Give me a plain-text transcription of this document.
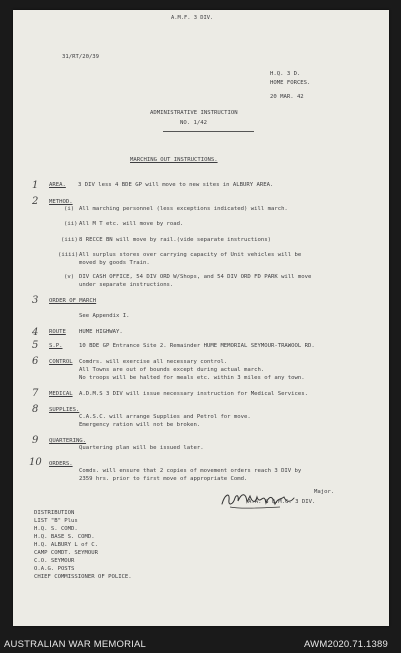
A.M.F. 3 DIV.
31/RT/20/39
H.Q. 3 D.
HOME FORCES.
20 MAR. 42
ADMINISTRATIVE INSTRUCTION
NO. 1/42
MARCHING OUT INSTRUCTIONS.
1 AREA. 3 DIV less 4 BDE GP will move to new sites in ALBURY AREA.
2 METHOD.
(i) All marching personnel (less exceptions indicated) will march.
(ii) All M T etc. will move by road.
(iii) 8 RECCE BN will move by rail.(vide separate instructions)
(iiii) All surplus stores over carrying capacity of Unit vehicles will be
moved by goods Train.
(v) DIV CASH OFFICE, 54 DIV ORD W/Shops, and 54 DIV ORD FD PARK will move
under separate instructions.
3 ORDER OF MARCH
See Appendix I.
4 ROUTE HUME HIGHWAY.
5 S.P.	10 BDE GP Entrance Site 2. Remainder HUME MEMORIAL SEYMOUR-TRAWOOL RD.
6 CONTROL Comdrs. will exercise all necessary control.
All Towns are out of bounds except during actual march.
No troops will be halted for meals etc. within 3 miles of any town.
7 MEDICAL A.D.M.S 3 DIV will issue necessary instruction for Medical Services.
8 SUPPLIES.
C.A.S.C. will arrange Supplies and Petrol for move.
Emergency ration will not be broken.
9 QUARTERING.
Quartering plan will be issued later.
10 ORDERS.
Comds. will ensure that 2 copies of movement orders reach 3 DIV by
2359 hrs. prior to first move of appropriate Comd.
Major.
A.A. & Q.M.G. 3 DIV.
DISTRIBUTION
LIST "B" Plus
H.Q. S. COMD.
H.Q. BASE S. COMD.
H.Q. ALBURY L of C.
CAMP COMDT. SEYMOUR
C.O. SEYMOUR
O.A.G. POSTS
CHIEF COMMISSIONER OF POLICE.
AUSTRALIAN WAR MEMORIAL	AWM2020.71.1389
